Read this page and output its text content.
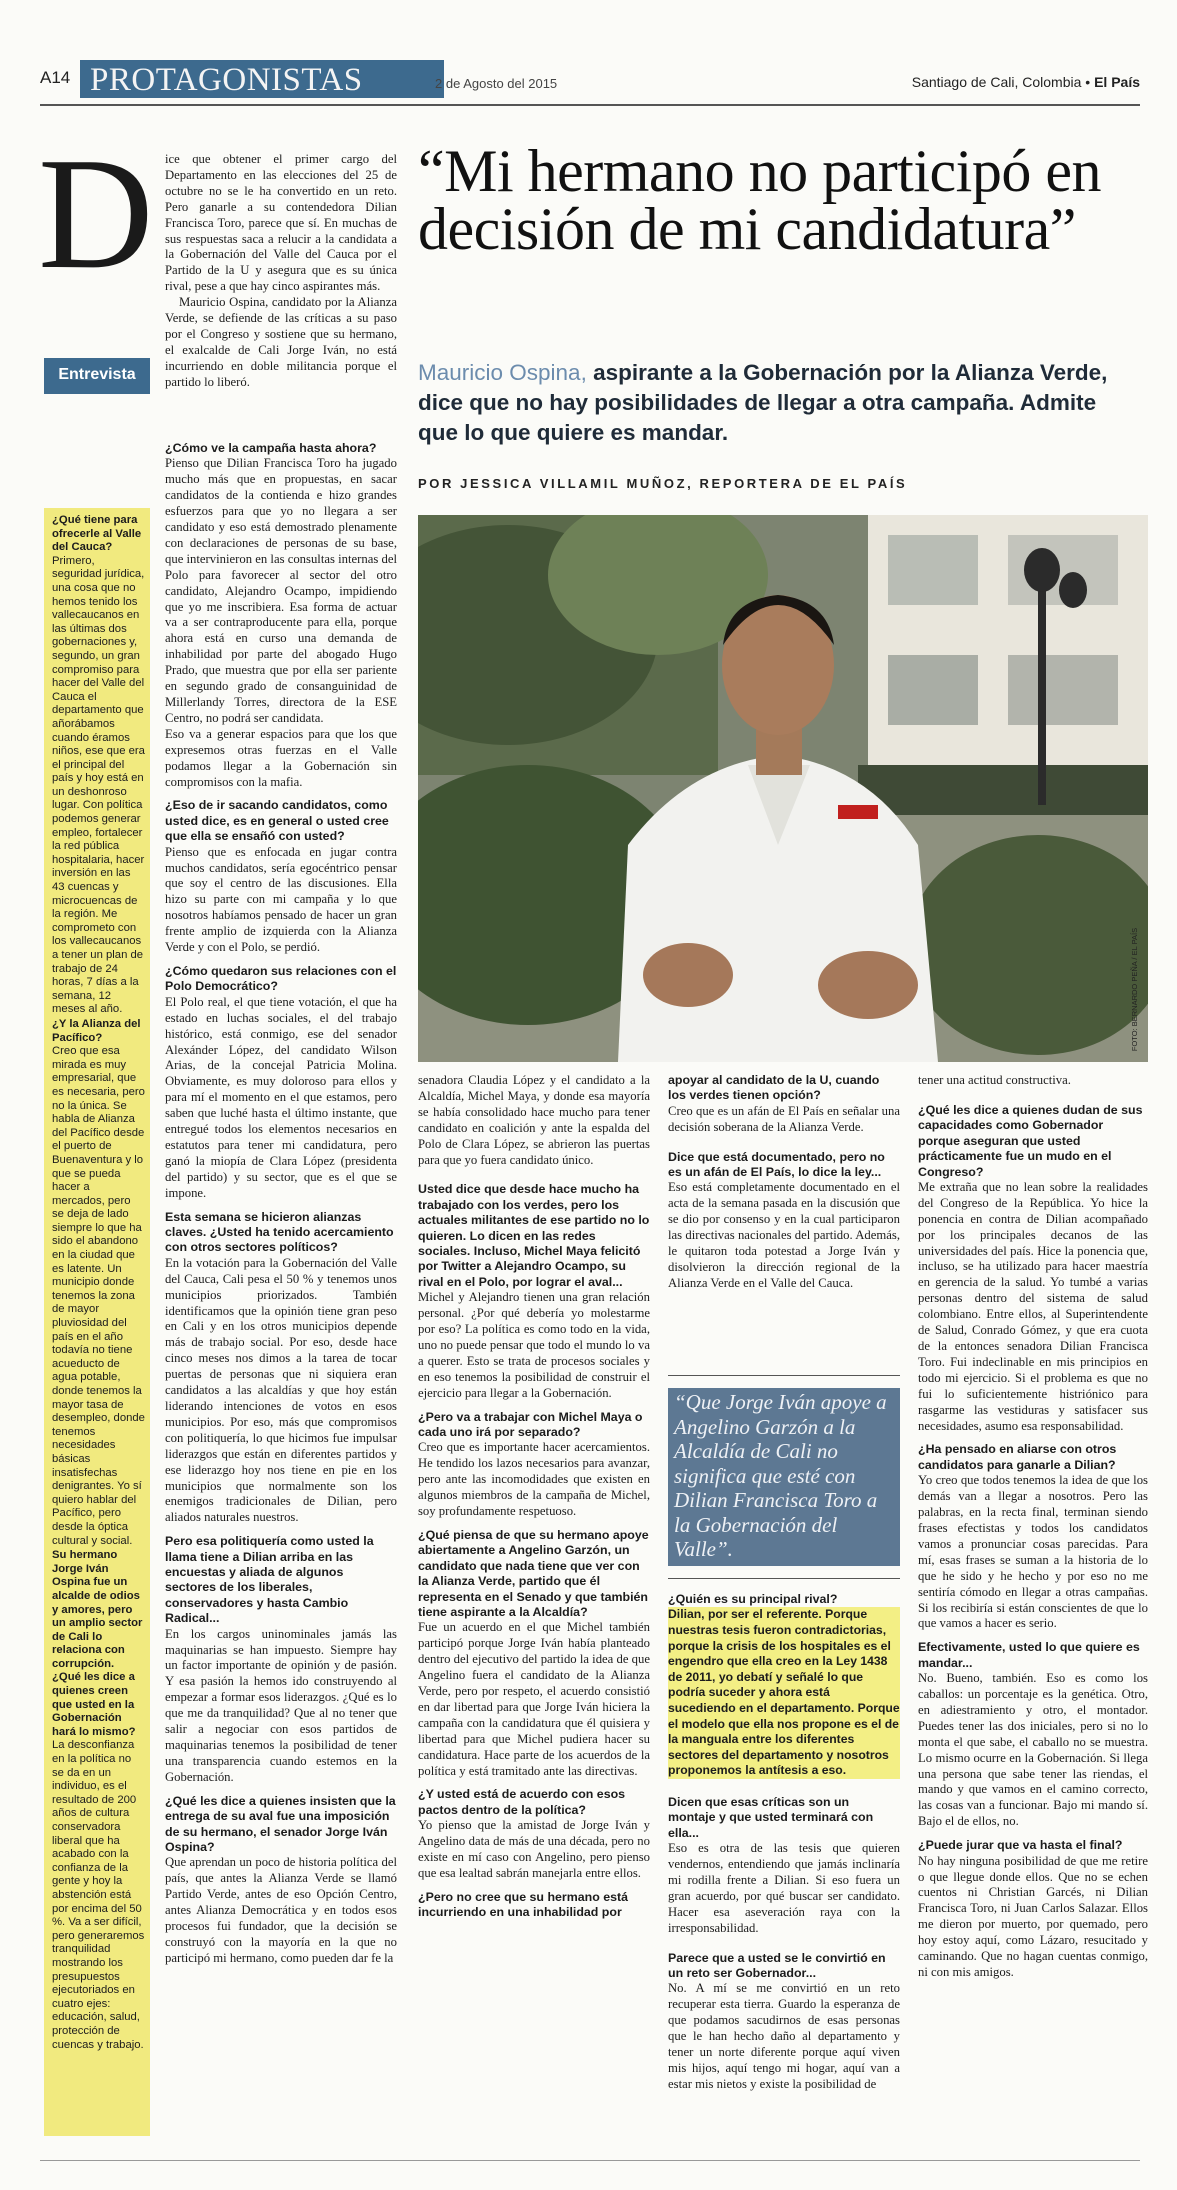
A14 PROTAGONISTAS	2 de Agosto del 2015	Santiago de Cali, Colombia • El País
D
Entrevista

¿Qué tiene para ofrecerle al Valle del Cauca?

Primero, seguridad jurídica, una cosa que no hemos tenido los vallecaucanos en las últimas dos gobernaciones y, segundo, un gran compromiso para hacer del Valle del Cauca el departamento que añorábamos cuando éramos niños, ese que era el principal del país y hoy está en un deshonroso lugar. Con política podemos generar empleo, fortalecer la red pública hospitalaria, hacer inversión en las 43 cuencas y microcuencas de la región. Me comprometo con los vallecaucanos a tener un plan de trabajo de 24 horas, 7 días a la semana, 12 meses al año.

¿Y la Alianza del Pacífico?

Creo que esa mirada es muy empresarial, que es necesaria, pero no la única. Se habla de Alianza del Pacífico desde el puerto de Buenaventura y lo que se pueda hacer a mercados, pero se deja de lado siempre lo que ha sido el abandono en la ciudad que es latente. Un municipio donde tenemos la zona de mayor pluviosidad del país en el año todavía no tiene acueducto de agua potable, donde tenemos la mayor tasa de desempleo, donde tenemos necesidades básicas insatisfechas denigrantes. Yo sí quiero hablar del Pacífico, pero desde la óptica cultural y social.

Su hermano Jorge Iván Ospina fue un alcalde de odios y amores, pero un amplio sector de Cali lo relaciona con corrupción. ¿Qué les dice a quienes creen que usted en la Gobernación hará lo mismo?

La desconfianza en la política no se da en un individuo, es el resultado de 200 años de cultura conservadora liberal que ha acabado con la confianza de la gente y hoy la abstención está por encima del 50 %. Va a ser difícil, pero generaremos tranquilidad mostrando los presupuestos ejecutoriados en cuatro ejes: educación, salud, protección de cuencas y trabajo.

ice que obtener el primer cargo del Departamento en las elecciones del 25 de octubre no se le ha convertido en un reto. Pero ganarle a su contendedora Dilian Francisca Toro, parece que sí. En muchas de sus respuestas saca a relucir a la candidata a la Gobernación del Valle del Cauca por el Partido de la U y asegura que es su única rival, pese a que hay cinco aspirantes más.

Mauricio Ospina, candidato por la Alianza Verde, se defiende de las críticas a su paso por el Congreso y sostiene que su hermano, el exalcalde de Cali Jorge Iván, no está incurriendo en doble militancia porque el partido lo liberó.

¿Cómo ve la campaña hasta ahora?

Pienso que Dilian Francisca Toro ha jugado mucho más que en propuestas, en sacar candidatos de la contienda e hizo grandes esfuerzos para que yo no llegara a ser candidato y eso está demostrado plenamente con declaraciones de personas de su base, que intervinieron en las consultas internas del Polo para favorecer al sector del otro candidato, Alejandro Ocampo, impidiendo que yo me inscribiera. Esa forma de actuar va a ser contraproducente para ella, porque ahora está en curso una demanda de inhabilidad por parte del abogado Hugo Prado, que muestra que por ella ser pariente en segundo grado de consanguinidad de Millerlandy Torres, directora de la ESE Centro, no podrá ser candidata.

Eso va a generar espacios para que los que expresemos otras fuerzas en el Valle podamos llegar a la Gobernación sin compromisos con la mafia.

¿Eso de ir sacando candidatos, como usted dice, es en general o usted cree que ella se ensañó con usted?

Pienso que es enfocada en jugar contra muchos candidatos, sería egocéntrico pensar que soy el centro de las discusiones. Ella hizo su parte con mi campaña y lo que nosotros habíamos pensado de hacer un gran frente amplio de izquierda con la Alianza Verde y con el Polo, se perdió.

¿Cómo quedaron sus relaciones con el Polo Democrático?

El Polo real, el que tiene votación, el que ha estado en luchas sociales, el del trabajo histórico, está conmigo, ese del senador Alexánder López, del candidato Wilson Arias, de la concejal Patricia Molina. Obviamente, es muy doloroso para ellos y para mí el momento en el que estamos, pero saben que luché hasta el último instante, que entregué todos los elementos necesarios en estatutos para tener mi candidatura, pero ganó la miopía de Clara López (presidenta del partido) y su sector, que es el que se impone.

Esta semana se hicieron alianzas claves. ¿Usted ha tenido acercamiento con otros sectores políticos?

En la votación para la Gobernación del Valle del Cauca, Cali pesa el 50 % y tenemos unos municipios priorizados. También identificamos que la opinión tiene gran peso en Cali y en los otros municipios depende más de trabajo social. Por eso, desde hace cinco meses nos dimos a la tarea de tocar puertas de personas que ni siquiera eran candidatos a las alcaldías y que hoy están liderando intenciones de votos en esos municipios. Por eso, más que compromisos con politiquería, lo que hicimos fue impulsar liderazgos que están en diferentes partidos y ese liderazgo hoy nos tiene en pie en los municipios que normalmente son los enemigos tradicionales de Dilian, pero aliados naturales nuestros.

Pero esa politiquería como usted la llama tiene a Dilian arriba en las encuestas y aliada de algunos sectores de los liberales, conservadores y hasta Cambio Radical...

En los cargos uninominales jamás las maquinarias se han impuesto. Siempre hay un factor importante de opinión y de pasión. Y esa pasión la hemos ido construyendo al empezar a formar esos liderazgos. ¿Qué es lo que me da tranquilidad? Que al no tener que salir a negociar con esos partidos de maquinarias tenemos la posibilidad de tener una transparencia cuando estemos en la Gobernación.

¿Qué les dice a quienes insisten que la entrega de su aval fue una imposición de su hermano, el senador Jorge Iván Ospina?

Que aprendan un poco de historia política del país, que antes la Alianza Verde se llamó Partido Verde, antes de eso Opción Centro, antes Alianza Democrática y en todos esos procesos fui fundador, que la decisión se construyó con la mayoría en la que no participó mi hermano, como pueden dar fe la

“Mi hermano no participó en decisión de mi candidatura”
Mauricio Ospina, aspirante a la Gobernación por la Alianza Verde, dice que no hay posibilidades de llegar a otra campaña. Admite que lo que quiere es mandar.
POR JESSICA VILLAMIL MUÑOZ, REPORTERA DE EL PAÍS
FOTO: BERNARDO PEÑA / EL PAÍS

senadora Claudia López y el candidato a la Alcaldía, Michel Maya, y donde esa mayoría se había consolidado hace mucho para tener candidato en coalición y ante la espalda del Polo de Clara López, se abrieron las puertas para que yo fuera candidato único.

Usted dice que desde hace mucho ha trabajado con los verdes, pero los actuales militantes de ese partido no lo quieren. Lo dicen en las redes sociales. Incluso, Michel Maya felicitó por Twitter a Alejandro Ocampo, su rival en el Polo, por lograr el aval...

Michel y Alejandro tienen una gran relación personal. ¿Por qué debería yo molestarme por eso? La política es como todo en la vida, uno no puede pensar que todo el mundo lo va a querer. Esto se trata de procesos sociales y en eso tenemos la posibilidad de construir el ejercicio para llegar a la Gobernación.

¿Pero va a trabajar con Michel Maya o cada uno irá por separado?

Creo que es importante hacer acercamientos. He tendido los lazos necesarios para avanzar, pero ante las incomodidades que existen en algunos miembros de la campaña de Michel, soy profundamente respetuoso.

¿Qué piensa de que su hermano apoye abiertamente a Angelino Garzón, un candidato que nada tiene que ver con la Alianza Verde, partido que él representa en el Senado y que también tiene aspirante a la Alcaldía?

Fue un acuerdo en el que Michel también participó porque Jorge Iván había planteado dentro del ejecutivo del partido la idea de que Angelino fuera el candidato de la Alianza Verde, pero por respeto, el acuerdo consistió en dar libertad para que Jorge Iván hiciera la campaña con la candidatura que él quisiera y libertad para que Michel pudiera hacer su candidatura. Hace parte de los acuerdos de la política y está tramitado ante las directivas.

¿Y usted está de acuerdo con esos pactos dentro de la política?

Yo pienso que la amistad de Jorge Iván y Angelino data de más de una década, pero no existe en mí caso con Angelino, pero pienso que esa lealtad sabrán manejarla entre ellos.

¿Pero no cree que su hermano está incurriendo en una inhabilidad por

apoyar al candidato de la U, cuando los verdes tienen opción?

Creo que es un afán de El País en señalar una decisión soberana de la Alianza Verde.

Dice que está documentado, pero no es un afán de El País, lo dice la ley...

Eso está completamente documentado en el acta de la semana pasada en la discusión que se dio por consenso y en la cual participaron las directivas nacionales del partido. Además, le quitaron toda potestad a Jorge Iván y disolvieron la dirección regional de la Alianza Verde en el Valle del Cauca.

“Que Jorge Iván apoye a Angelino Garzón a la Alcaldía de Cali no significa que esté con Dilian Francisca Toro a la Gobernación del Valle”.

¿Quién es su principal rival?

Dilian, por ser el referente. Porque nuestras tesis fueron contradictorias, porque la crisis de los hospitales es el engendro que ella creo en la Ley 1438 de 2011, yo debatí y señalé lo que podría suceder y ahora está sucediendo en el departamento. Porque el modelo que ella nos propone es el de la manguala entre los diferentes sectores del departamento y nosotros proponemos la antítesis a eso.

Dicen que esas críticas son un montaje y que usted terminará con ella...

Eso es otra de las tesis que quieren vendernos, entendiendo que jamás inclinaría mi rodilla frente a Dilian. Si eso fuera un gran acuerdo, por qué buscar ser candidato. Hacer esa aseveración raya con la irresponsabilidad.

Parece que a usted se le convirtió en un reto ser Gobernador...

No. A mí se me convirtió en un reto recuperar esta tierra. Guardo la esperanza de que podamos sacudirnos de esas personas que le han hecho daño al departamento y tener un norte diferente porque aquí viven mis hijos, aquí tengo mi hogar, aquí van a estar mis nietos y existe la posibilidad de

tener una actitud constructiva.

¿Qué les dice a quienes dudan de sus capacidades como Gobernador porque aseguran que usted prácticamente fue un mudo en el Congreso?

Me extraña que no lean sobre la realidades del Congreso de la República. Yo hice la ponencia en contra de Dilian acompañado por los principales decanos de las universidades del país. Hice la ponencia que, incluso, se ha utilizado para hacer maestría en gerencia de la salud. Yo tumbé a varias personas dentro del sistema de salud colombiano. Entre ellos, al Superintendente de Salud, Conrado Gómez, y que era cuota de la entonces senadora Dilian Francisca Toro. Fui indeclinable en mis principios en todo mi ejercicio. Si el problema es que no fui lo suficientemente histriónico para rasgarme las vestiduras y satisfacer sus necesidades, asumo esa responsabilidad.

¿Ha pensado en aliarse con otros candidatos para ganarle a Dilian?

Yo creo que todos tenemos la idea de que los demás van a llegar a nosotros. Pero las palabras, en la recta final, terminan siendo frases efectistas y todos los candidatos vamos a pronunciar cosas parecidas. Para mí, esas frases se suman a la historia de lo que he sido y he hecho y por eso no me sentiría cómodo en llegar a otras campañas. Si los recibiría si están conscientes de que lo que vamos a hacer es serio.

Efectivamente, usted lo que quiere es mandar...

No. Bueno, también. Eso es como los caballos: un porcentaje es la genética. Otro, en adiestramiento y otro, el montador. Puedes tener las dos iniciales, pero si no lo monta el que sabe, el caballo no se muestra. Lo mismo ocurre en la Gobernación. Si llega una persona que sabe tener las riendas, el mando y que vamos en el camino correcto, las cosas van a funcionar. Bajo mi mando sí. Bajo el de ellos, no.

¿Puede jurar que va hasta el final?

No hay ninguna posibilidad de que me retire o que llegue donde ellos. Que no se echen cuentos ni Christian Garcés, ni Dilian Francisca Toro, ni Juan Carlos Salazar. Ellos me dieron por muerto, por quemado, pero hoy estoy aquí, como Lázaro, resucitado y caminando. Que no hagan cuentas conmigo, ni con mis amigos.
